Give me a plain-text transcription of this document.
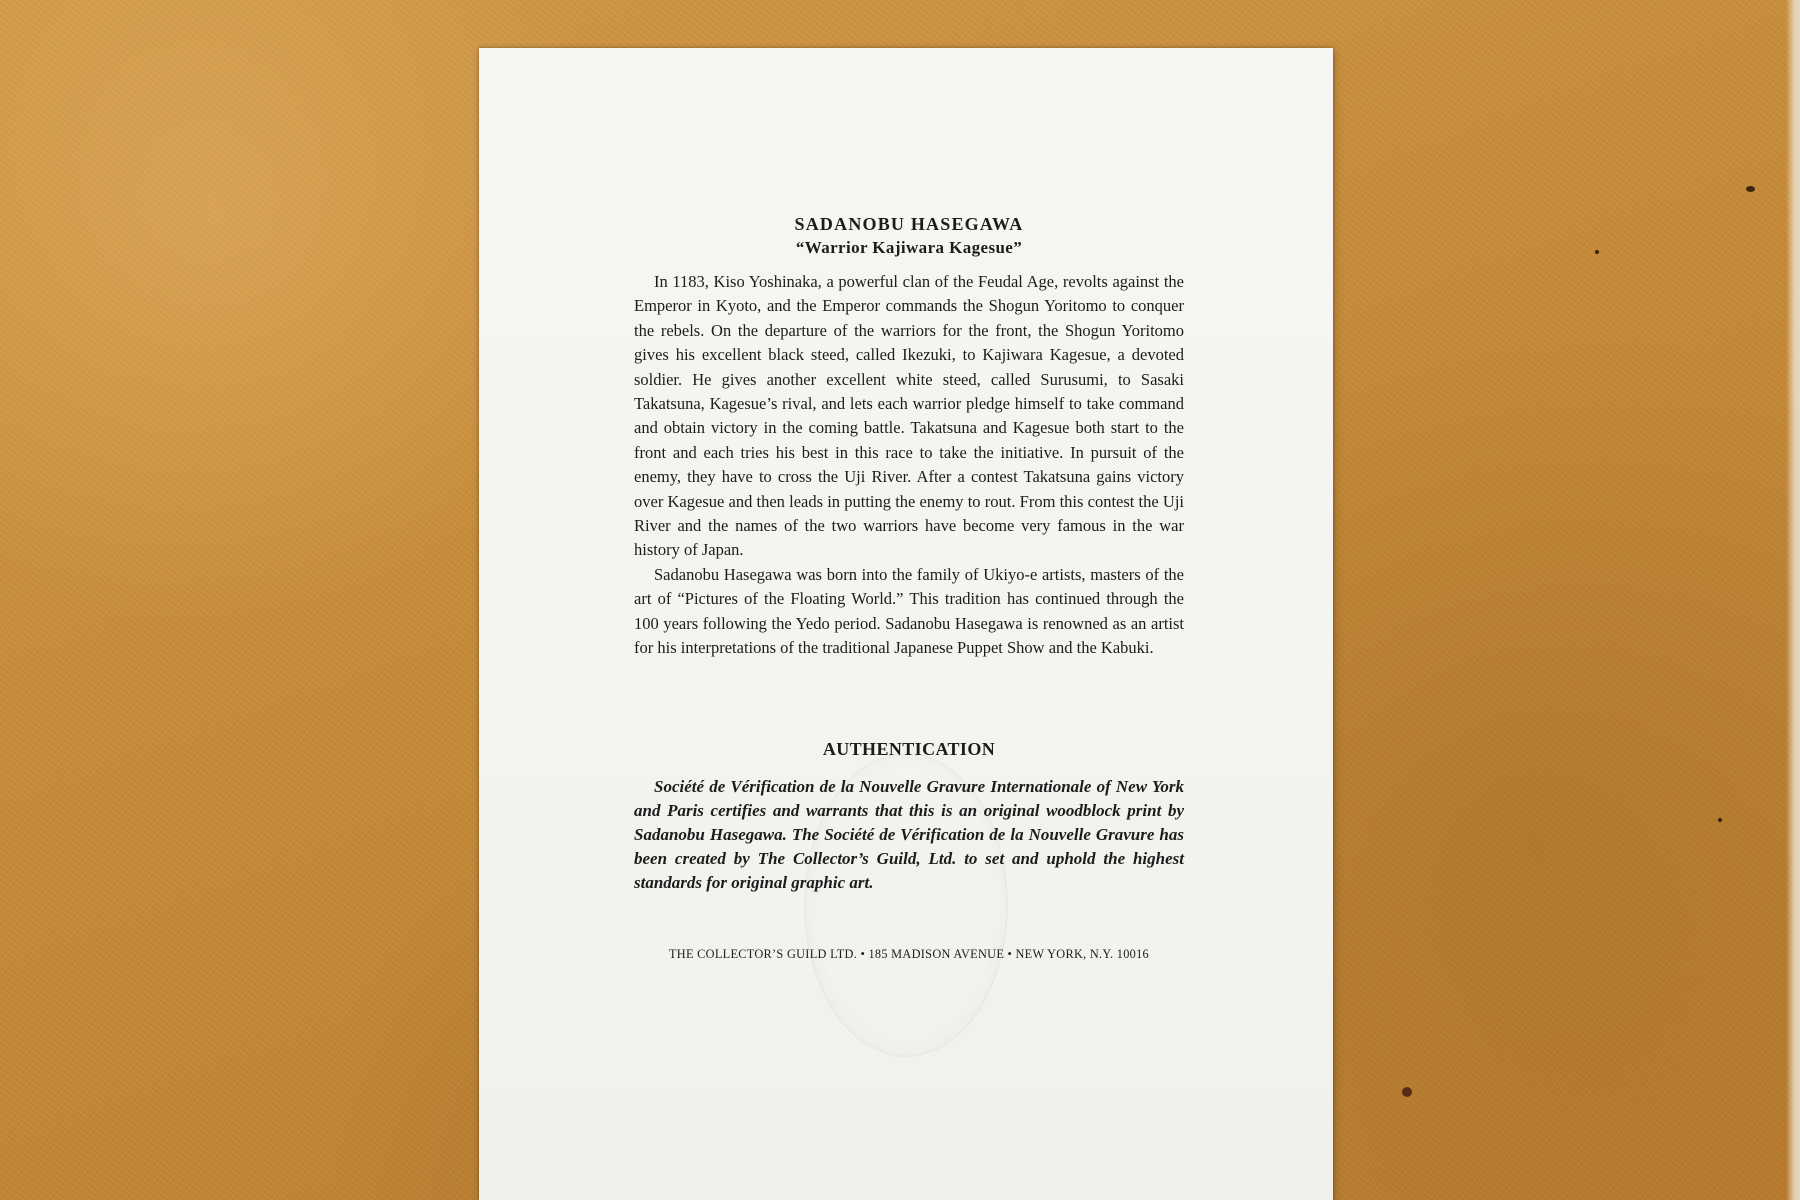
SADANOBU HASEGAWA
“Warrior Kajiwara Kagesue”

In 1183, Kiso Yoshinaka, a powerful clan of the Feudal Age, revolts against the Emperor in Kyoto, and the Emperor commands the Shogun Yoritomo to conquer the rebels. On the departure of the warriors for the front, the Shogun Yoritomo gives his excellent black steed, called Ikezuki, to Kajiwara Kagesue, a devoted soldier. He gives another excellent white steed, called Surusumi, to Sasaki Takatsuna, Kagesue’s rival, and lets each warrior pledge himself to take command and obtain victory in the coming battle. Takatsuna and Kagesue both start to the front and each tries his best in this race to take the initiative. In pursuit of the enemy, they have to cross the Uji River. After a contest Takatsuna gains victory over Kagesue and then leads in putting the enemy to rout. From this contest the Uji River and the names of the two warriors have become very famous in the war history of Japan.

Sadanobu Hasegawa was born into the family of Ukiyo-e artists, masters of the art of “Pictures of the Floating World.” This tradition has continued through the 100 years following the Yedo period. Sadanobu Hasegawa is renowned as an artist for his interpretations of the traditional Japanese Puppet Show and the Kabuki.

AUTHENTICATION

Société de Vérification de la Nouvelle Gravure Internationale of New York and Paris certifies and warrants that this is an original woodblock print by Sadanobu Hasegawa. The Société de Vérification de la Nouvelle Gravure has been created by The Collector’s Guild, Ltd. to set and uphold the highest standards for original graphic art.

THE COLLECTOR’S GUILD LTD. • 185 MADISON AVENUE • NEW YORK, N.Y. 10016
